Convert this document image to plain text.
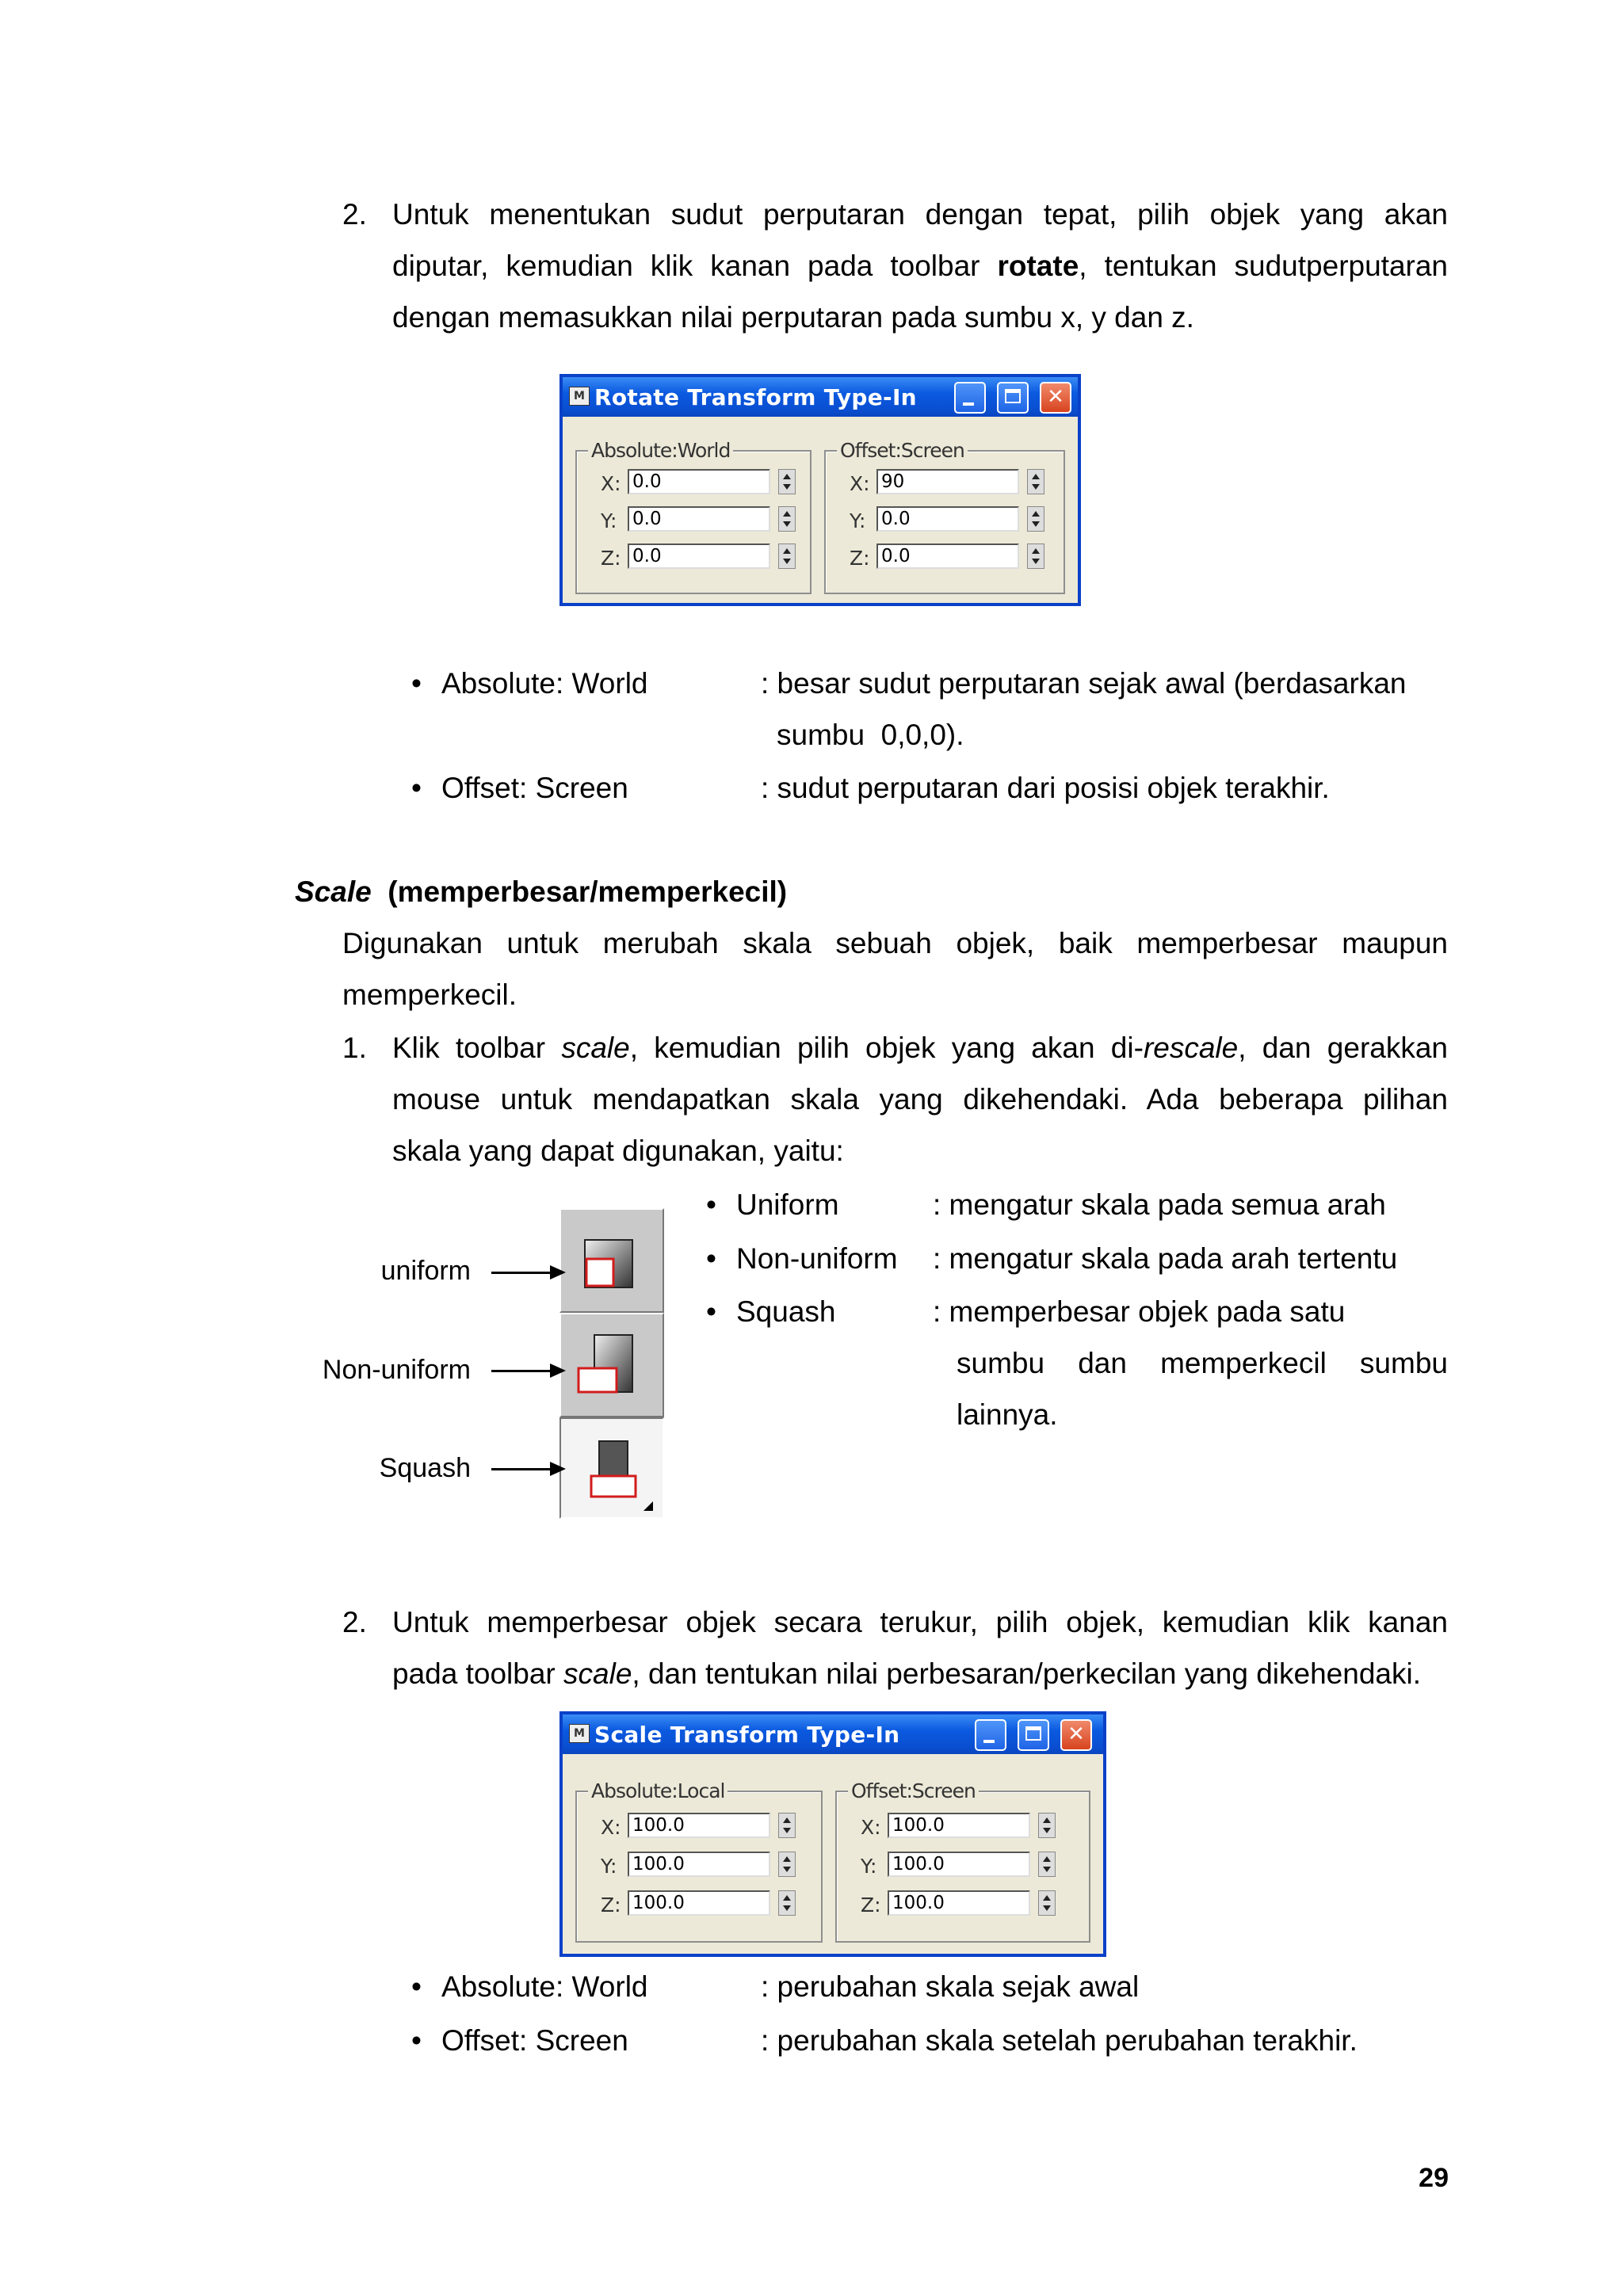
2. Untuk menentukan sudut perputaran dengan tepat, pilih objek yang akan
diputar, kemudian klik kanan pada toolbar rotate, tentukan sudutperputaran
dengan memasukkan nilai perputaran pada sumbu x, y dan z.
M Rotate Transform Type-In	✕
Absolute:World
X: 0.0
Y: 0.0
Z: 0.0
Offset:Screen
X: 90
Y: 0.0
Z: 0.0
• Absolute: World	: besar sudut perputaran sejak awal (berdasarkan
sumbu  0,0,0).
• Offset: Screen	: sudut perputaran dari posisi objek terakhir.
Scale  (memperbesar/memperkecil)
Digunakan untuk merubah skala sebuah objek, baik memperbesar maupun
memperkecil.
1. Klik toolbar scale, kemudian pilih objek yang akan di-rescale, dan gerakkan
mouse untuk mendapatkan skala yang dikehendaki. Ada beberapa pilihan
skala yang dapat digunakan, yaitu:
uniform
Non-uniform
Squash
• Uniform	: mengatur skala pada semua arah
• Non-uniform : mengatur skala pada arah tertentu
• Squash	: memperbesar objek pada satu
sumbu dan memperkecil sumbu
lainnya.
2. Untuk memperbesar objek secara terukur, pilih objek, kemudian klik kanan
pada toolbar scale, dan tentukan nilai perbesaran/perkecilan yang dikehendaki.
M Scale Transform Type-In	✕
Absolute:Local
X: 100.0
Y: 100.0
Z: 100.0
Offset:Screen
X: 100.0
Y: 100.0
Z: 100.0
• Absolute: World	: perubahan skala sejak awal
• Offset: Screen	: perubahan skala setelah perubahan terakhir.
29
